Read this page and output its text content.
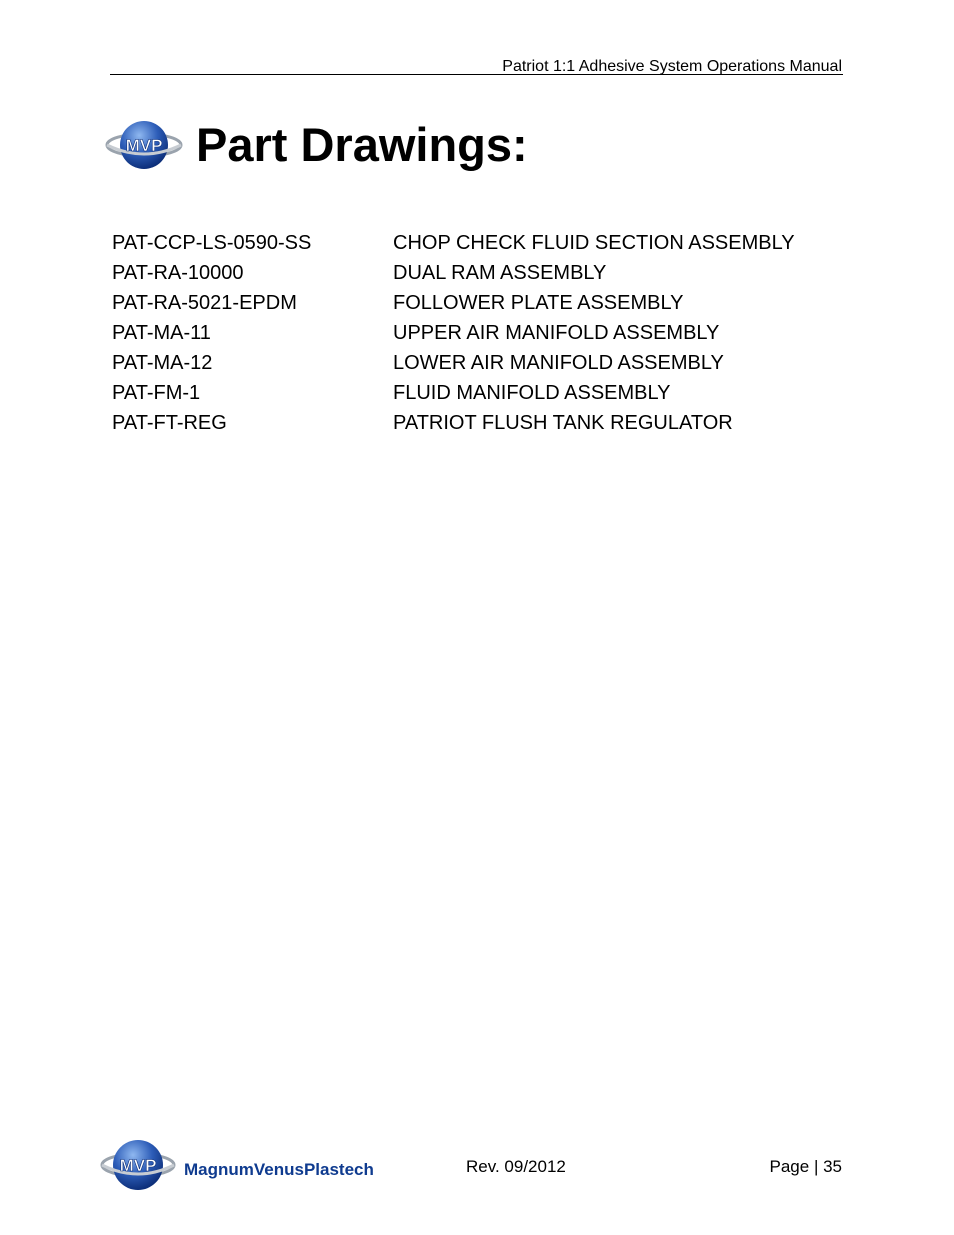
Patriot 1:1 Adhesive System Operations Manual
MVP Part Drawings:
PAT-CCP-LS-0590-SS	CHOP CHECK FLUID SECTION ASSEMBLY
PAT-RA-10000	DUAL RAM ASSEMBLY
PAT-RA-5021-EPDM	FOLLOWER PLATE ASSEMBLY
PAT-MA-11	UPPER AIR MANIFOLD ASSEMBLY
PAT-MA-12	LOWER AIR MANIFOLD ASSEMBLY
PAT-FM-1	FLUID MANIFOLD ASSEMBLY
PAT-FT-REG	PATRIOT FLUSH TANK REGULATOR
MVP MagnumVenusPlastech	Rev. 09/2012	Page | 35
